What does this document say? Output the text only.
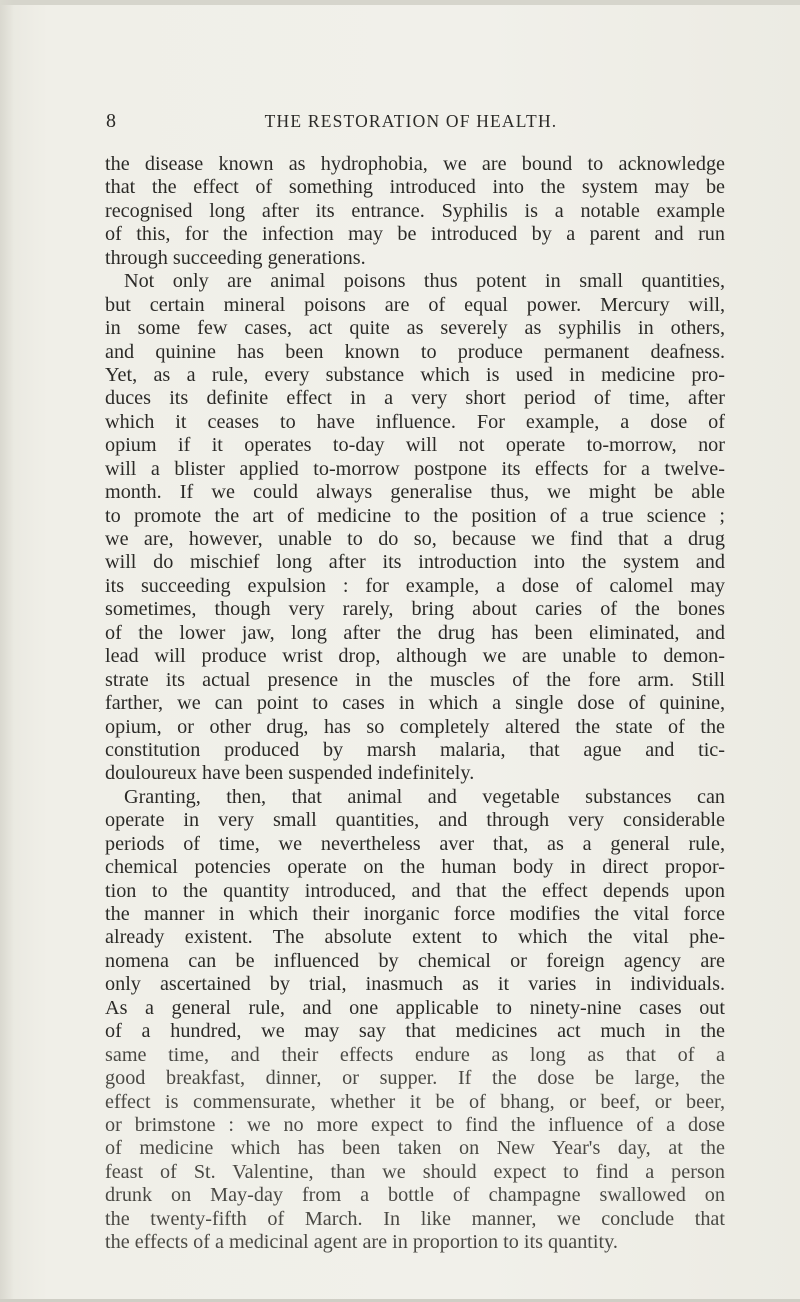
8	THE RESTORATION OF HEALTH.
the disease known as hydrophobia, we are bound to acknowledge
that the effect of something introduced into the system may be
recognised long after its entrance. Syphilis is a notable example
of this, for the infection may be introduced by a parent and run
through succeeding generations.
Not only are animal poisons thus potent in small quantities,
but certain mineral poisons are of equal power. Mercury will,
in some few cases, act quite as severely as syphilis in others,
and quinine has been known to produce permanent deafness.
Yet, as a rule, every substance which is used in medicine pro-
duces its definite effect in a very short period of time, after
which it ceases to have influence. For example, a dose of
opium if it operates to-day will not operate to-morrow, nor
will a blister applied to-morrow postpone its effects for a twelve-
month. If we could always generalise thus, we might be able
to promote the art of medicine to the position of a true science ;
we are, however, unable to do so, because we find that a drug
will do mischief long after its introduction into the system and
its succeeding expulsion : for example, a dose of calomel may
sometimes, though very rarely, bring about caries of the bones
of the lower jaw, long after the drug has been eliminated, and
lead will produce wrist drop, although we are unable to demon-
strate its actual presence in the muscles of the fore arm. Still
farther, we can point to cases in which a single dose of quinine,
opium, or other drug, has so completely altered the state of the
constitution produced by marsh malaria, that ague and tic-
douloureux have been suspended indefinitely.
Granting, then, that animal and vegetable substances can
operate in very small quantities, and through very considerable
periods of time, we nevertheless aver that, as a general rule,
chemical potencies operate on the human body in direct propor-
tion to the quantity introduced, and that the effect depends upon
the manner in which their inorganic force modifies the vital force
already existent. The absolute extent to which the vital phe-
nomena can be influenced by chemical or foreign agency are
only ascertained by trial, inasmuch as it varies in individuals.
As a general rule, and one applicable to ninety-nine cases out
of a hundred, we may say that medicines act much in the
same time, and their effects endure as long as that of a
good breakfast, dinner, or supper. If the dose be large, the
effect is commensurate, whether it be of bhang, or beef, or beer,
or brimstone : we no more expect to find the influence of a dose
of medicine which has been taken on New Year's day, at the
feast of St. Valentine, than we should expect to find a person
drunk on May-day from a bottle of champagne swallowed on
the twenty-fifth of March. In like manner, we conclude that
the effects of a medicinal agent are in proportion to its quantity.
